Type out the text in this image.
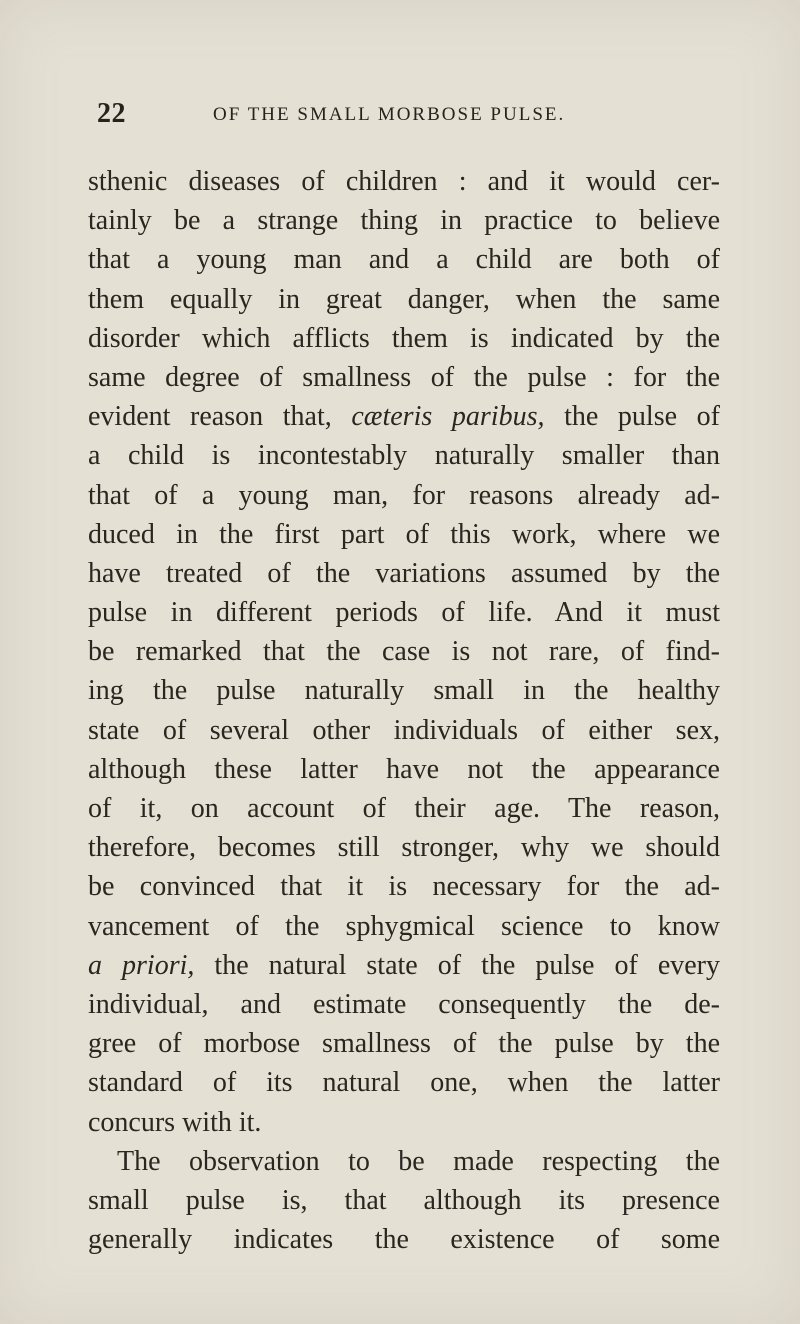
22	OF THE SMALL MORBOSE PULSE.
sthenic diseases of children : and it would cer-
tainly be a strange thing in practice to believe
that a young man and a child are both of
them equally in great danger, when the same
disorder which afflicts them is indicated by the
same degree of smallness of the pulse : for the
evident reason that, cæteris paribus, the pulse of
a child is incontestably naturally smaller than
that of a young man, for reasons already ad-
duced in the first part of this work, where we
have treated of the variations assumed by the
pulse in different periods of life. And it must
be remarked that the case is not rare, of find-
ing the pulse naturally small in the healthy
state of several other individuals of either sex,
although these latter have not the appearance
of it, on account of their age. The reason,
therefore, becomes still stronger, why we should
be convinced that it is necessary for the ad-
vancement of the sphygmical science to know
a priori, the natural state of the pulse of every
individual, and estimate consequently the de-
gree of morbose smallness of the pulse by the
standard of its natural one, when the latter
concurs with it.
The observation to be made respecting the
small pulse is, that although its presence
generally indicates the existence of some
